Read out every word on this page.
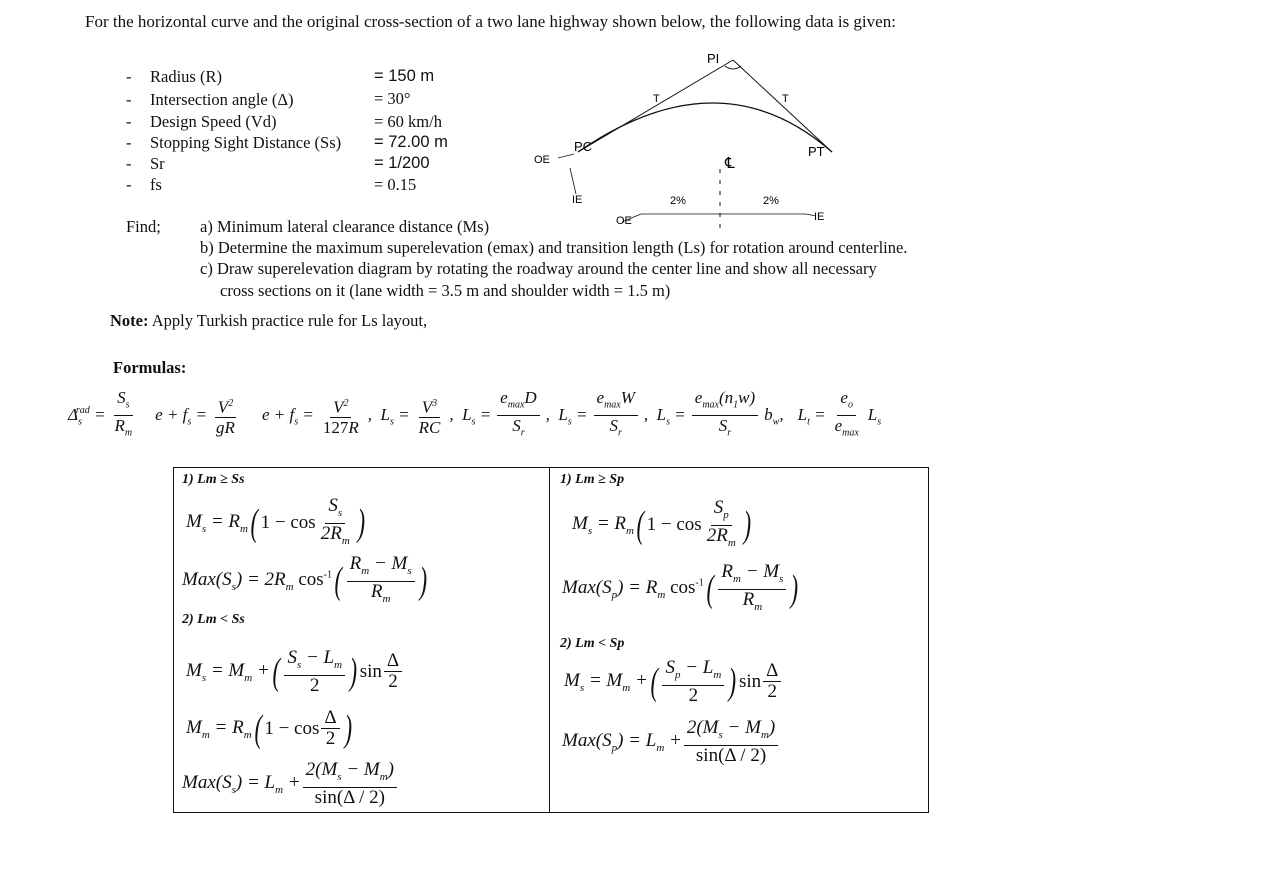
For the horizontal curve and the original cross-section of a two lane highway shown below, the following data is given:
- Radius (R)	= 150 m
- Intersection angle (Δ)	= 30°
- Design Speed (Vd)	= 60 km/h
- Stopping Sight Distance (Ss) = 72.00 m
- Sr	= 1/200
- fs	= 0.15
PI
T	T
PC	PT
OE
IE
IE
OE
2%	2%
℄
Find; a) Minimum lateral clearance distance (Ms)
b) Determine the maximum superelevation (emax) and transition length (Ls) for rotation around centerline.
c) Draw superelevation diagram by rotating the roadway around the center line and show all necessary
cross sections on it (lane width = 3.5 m and shoulder width = 1.5 m)
Note: Apply Turkish practice rule for Ls layout,
Formulas:
$\Delta_s^{rad} = \frac{S_s}{R_m}$ $e + f_s = \frac{V^2}{gR}$ $e + f_s = \frac{V^2}{127R}$ ,  $L_s = \frac{V^3}{RC}$ ,  $L_s = \frac{e_{max}D}{S_r}$ ,  $L_s = \frac{e_{max}W}{S_r}$ ,  $L_s = \frac{e_{max}(n_1w)}{S_r} b_w$, $L_t = \frac{e_o}{e_{max}} L_s$
1) Lm ≥ Ss
$M_s = R_m$ ( $1 - \cos \frac{S_s}{2R_m}$ )
$Max(S_s) = 2R_m$ $\cos^{-1}$ ( $\frac{R_m - M_s}{R_m}$ )
2) Lm < Ss
$M_s = M_m$ + ( $\frac{S_s - L_m}{2}$ ) $\sin \frac{\Delta}{2}$
$M_m = R_m$ ( $1 - \cos \frac{\Delta}{2}$ )
$Max(S_s) = L_m + \frac{2(M_s - M_m)}{\sin(\Delta / 2)}$
1) Lm ≥ Sp
$M_s = R_m$ ( $1 - \cos \frac{S_p}{2R_m}$ )
$Max(S_p) = R_m$ $\cos^{-1}$ ( $\frac{R_m - M_s}{R_m}$ )
2) Lm < Sp
$M_s = M_m$ + ( $\frac{S_p - L_m}{2}$ ) $\sin \frac{\Delta}{2}$
$Max(S_p) = L_m + \frac{2(M_s - M_m)}{\sin(\Delta / 2)}$
